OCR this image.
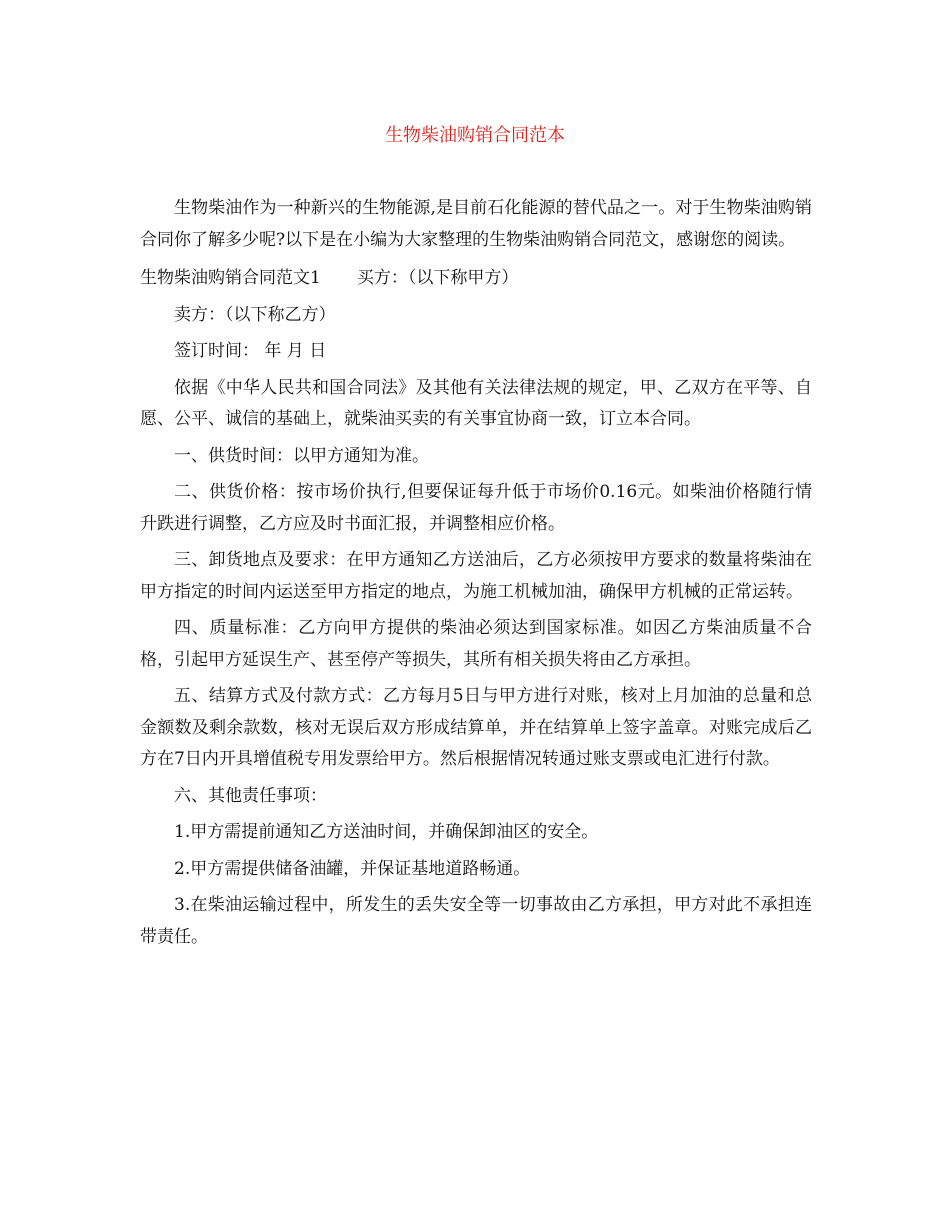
生物柴油购销合同范本

生物柴油作为一种新兴的生物能源,是目前石化能源的替代品之一。对于生物柴油购销合同你了解多少呢?以下是在小编为大家整理的生物柴油购销合同范文，感谢您的阅读。

生物柴油购销合同范文1 买方：（以下称甲方）

卖方：（以下称乙方）

签订时间： 年 月 日

依据《中华人民共和国合同法》及其他有关法律法规的规定，甲、乙双方在平等、自愿、公平、诚信的基础上，就柴油买卖的有关事宜协商一致，订立本合同。

一、供货时间：以甲方通知为准。

二、供货价格：按市场价执行,但要保证每升低于市场价0.16元。如柴油价格随行情升跌进行调整，乙方应及时书面汇报，并调整相应价格。

三、卸货地点及要求：在甲方通知乙方送油后，乙方必须按甲方要求的数量将柴油在甲方指定的时间内运送至甲方指定的地点，为施工机械加油，确保甲方机械的正常运转。

四、质量标准：乙方向甲方提供的柴油必须达到国家标准。如因乙方柴油质量不合格，引起甲方延误生产、甚至停产等损失，其所有相关损失将由乙方承担。

五、结算方式及付款方式：乙方每月5日与甲方进行对账，核对上月加油的总量和总金额数及剩余款数，核对无误后双方形成结算单，并在结算单上签字盖章。对账完成后乙方在7日内开具增值税专用发票给甲方。然后根据情况转通过账支票或电汇进行付款。

六、其他责任事项：

1.甲方需提前通知乙方送油时间，并确保卸油区的安全。

2.甲方需提供储备油罐，并保证基地道路畅通。

3.在柴油运输过程中，所发生的丢失安全等一切事故由乙方承担，甲方对此不承担连带责任。
